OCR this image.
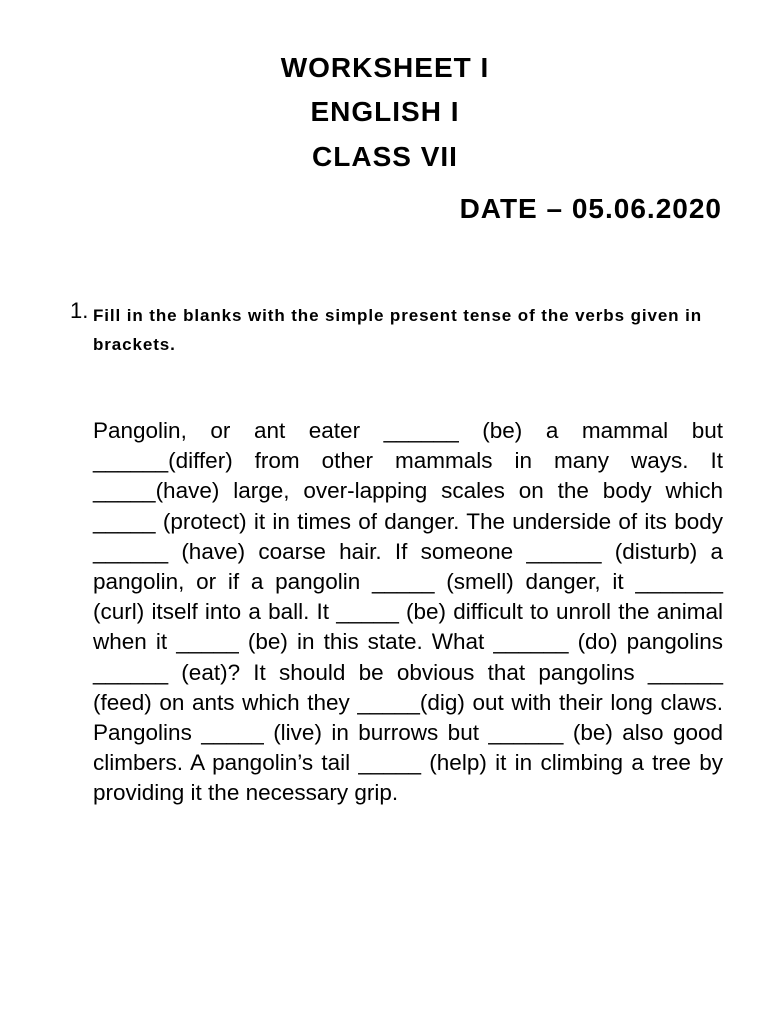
WORKSHEET I
ENGLISH I
CLASS VII
DATE – 05.06.2020
1. Fill in the blanks with the simple present tense of the verbs given in brackets.
Pangolin, or ant eater ______ (be) a mammal but ______(differ) from other mammals in many ways. It _____(have) large, over-lapping scales on the body which _____ (protect) it in times of danger. The underside of its body ______ (have) coarse hair. If someone ______ (disturb) a pangolin, or if a pangolin _____ (smell) danger, it _______ (curl) itself into a ball. It _____ (be) difficult to unroll the animal when it _____ (be) in this state. What ______ (do) pangolins ______ (eat)? It should be obvious that pangolins ______ (feed) on ants which they _____(dig) out with their long claws. Pangolins _____ (live) in burrows but ______ (be) also good climbers. A pangolin’s tail _____ (help) it in climbing a tree by providing it the necessary grip.
